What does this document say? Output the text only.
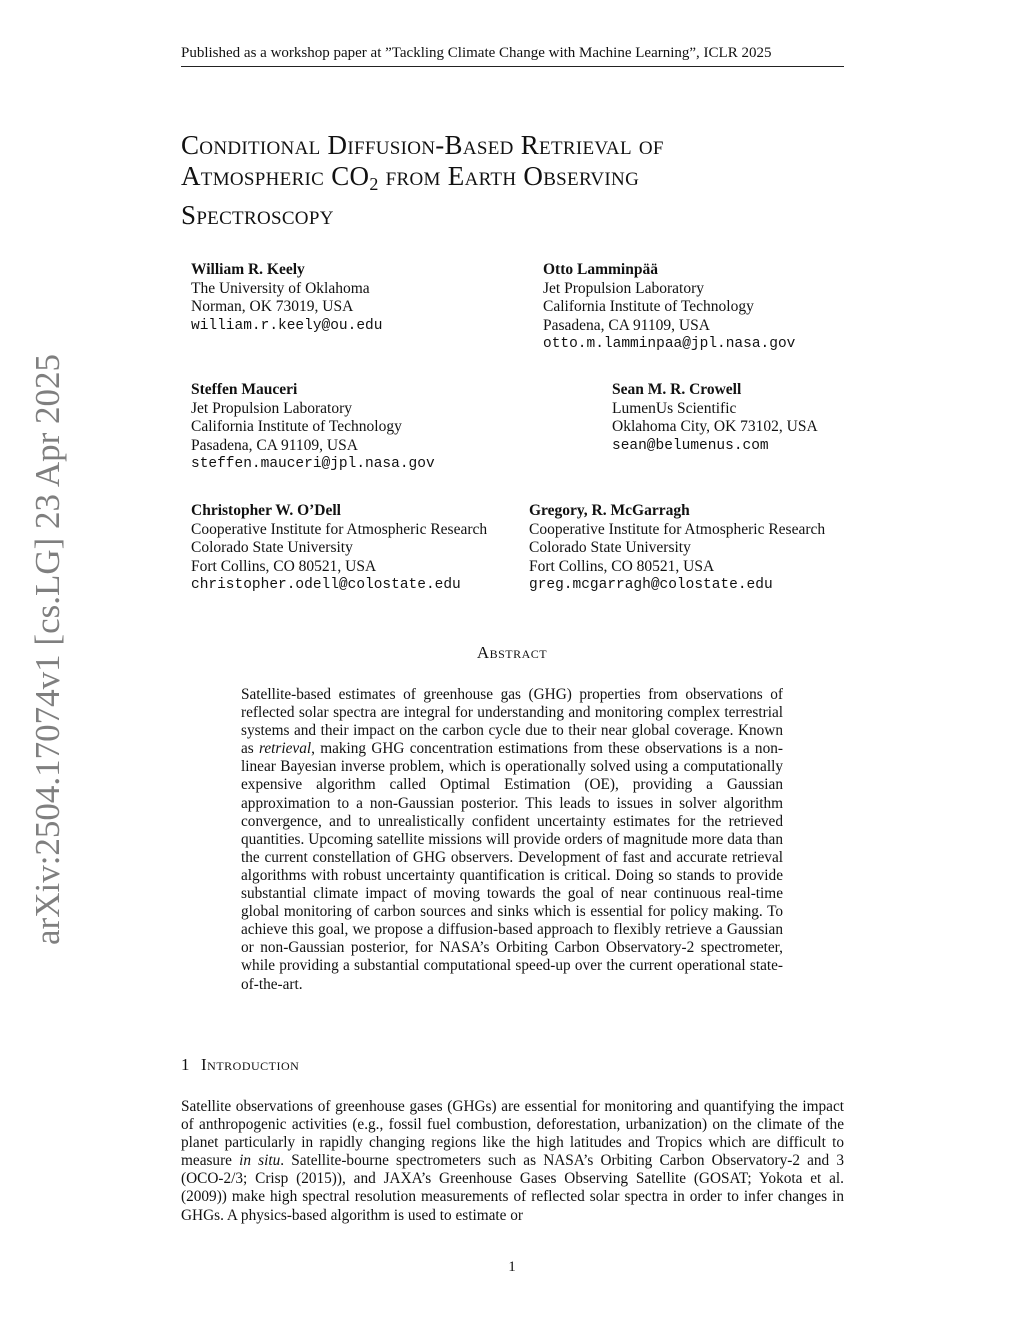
Published as a workshop paper at ”Tackling Climate Change with Machine Learning”, ICLR 2025
arXiv:2504.17074v1 [cs.LG] 23 Apr 2025
Conditional Diffusion-Based Retrieval of
Atmospheric $CO_2$ from Earth Observing
Spectroscopy
William R. Keely
The University of Oklahoma
Norman, OK 73019, USA
william.r.keely@ou.edu
Otto Lamminpää
Jet Propulsion Laboratory
California Institute of Technology
Pasadena, CA 91109, USA
otto.m.lamminpaa@jpl.nasa.gov
Steffen Mauceri
Jet Propulsion Laboratory
California Institute of Technology
Pasadena, CA 91109, USA
steffen.mauceri@jpl.nasa.gov
Sean M. R. Crowell
LumenUs Scientific
Oklahoma City, OK 73102, USA
sean@belumenus.com
Christopher W. O’Dell
Cooperative Institute for Atmospheric Research
Colorado State University
Fort Collins, CO 80521, USA
christopher.odell@colostate.edu
Gregory, R. McGarragh
Cooperative Institute for Atmospheric Research
Colorado State University
Fort Collins, CO 80521, USA
greg.mcgarragh@colostate.edu
Abstract
Satellite-based estimates of greenhouse gas (GHG) properties from observations of reflected solar spectra are integral for understanding and monitoring complex terrestrial systems and their impact on the carbon cycle due to their near global coverage. Known as retrieval, making GHG concentration estimations from these observations is a non-linear Bayesian inverse problem, which is operationally solved using a computationally expensive algorithm called Optimal Estimation (OE), providing a Gaussian approximation to a non-Gaussian posterior. This leads to issues in solver algorithm convergence, and to unrealistically confident uncertainty estimates for the retrieved quantities. Upcoming satellite missions will provide orders of magnitude more data than the current constellation of GHG observers. Development of fast and accurate retrieval algorithms with robust uncertainty quantification is critical. Doing so stands to provide substantial climate impact of moving towards the goal of near continuous real-time global monitoring of carbon sources and sinks which is essential for policy making. To achieve this goal, we propose a diffusion-based approach to flexibly retrieve a Gaussian or non-Gaussian posterior, for NASA’s Orbiting Carbon Observatory-2 spectrometer, while providing a substantial computational speed-up over the current operational state-of-the-art.
1 Introduction
Satellite observations of greenhouse gases (GHGs) are essential for monitoring and quantifying the impact of anthropogenic activities (e.g., fossil fuel combustion, deforestation, urbanization) on the climate of the planet particularly in rapidly changing regions like the high latitudes and Tropics which are difficult to measure in situ. Satellite-bourne spectrometers such as NASA’s Orbiting Carbon Observatory-2 and 3 (OCO-2/3; Crisp (2015)), and JAXA’s Greenhouse Gases Observing Satellite (GOSAT; Yokota et al. (2009)) make high spectral resolution measurements of reflected solar spectra in order to infer changes in GHGs. A physics-based algorithm is used to estimate or
1
